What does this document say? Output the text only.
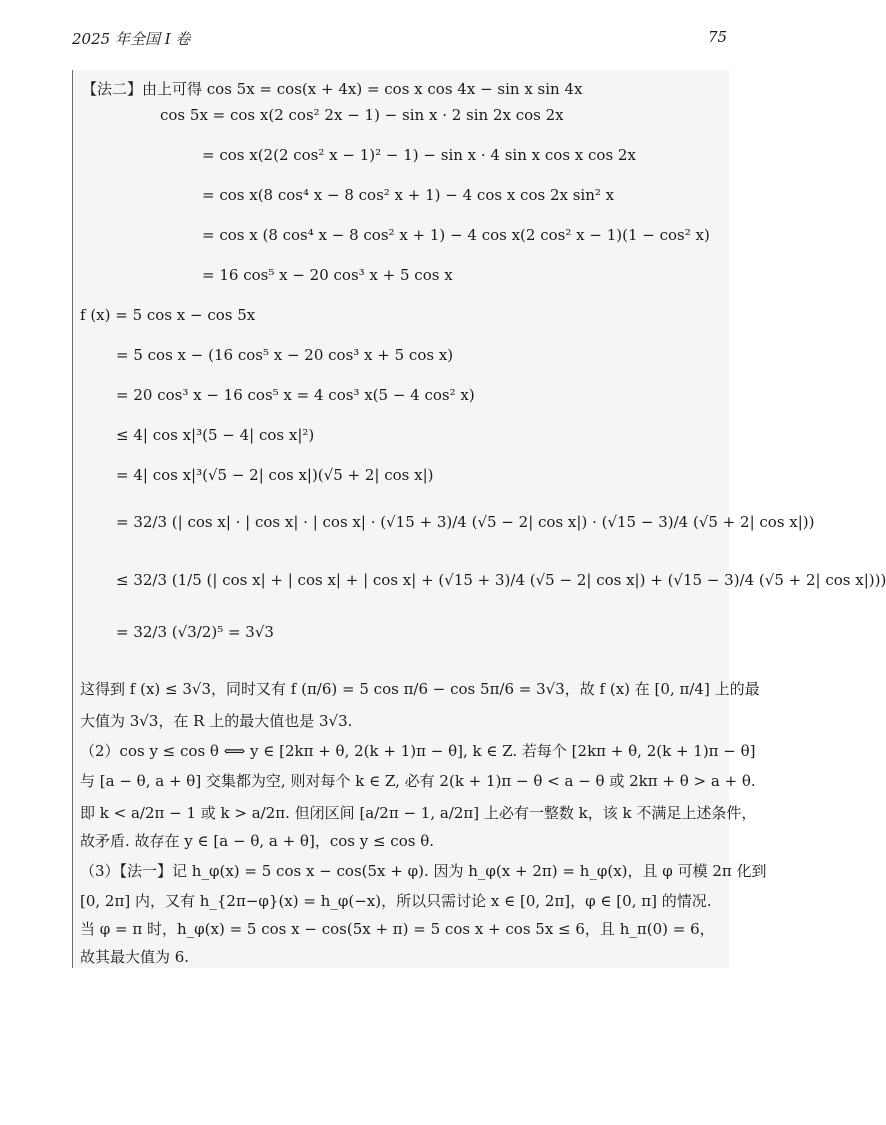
2025 年全国 I 卷	75
【法二】由上可得 cos 5x = cos(x + 4x) = cos x cos 4x − sin x sin 4x
cos 5x = cos x(2 cos² 2x − 1) − sin x · 2 sin 2x cos 2x
= cos x(2(2 cos² x − 1)² − 1) − sin x · 4 sin x cos x cos 2x
= cos x(8 cos⁴ x − 8 cos² x + 1) − 4 cos x cos 2x sin² x
= cos x (8 cos⁴ x − 8 cos² x + 1) − 4 cos x(2 cos² x − 1)(1 − cos² x)
= 16 cos⁵ x − 20 cos³ x + 5 cos x
f (x) = 5 cos x − cos 5x
= 5 cos x − (16 cos⁵ x − 20 cos³ x + 5 cos x)
= 20 cos³ x − 16 cos⁵ x = 4 cos³ x(5 − 4 cos² x)
≤ 4| cos x|³(5 − 4| cos x|²)
= 4| cos x|³(√5 − 2| cos x|)(√5 + 2| cos x|)
= 32/3 (| cos x| · | cos x| · | cos x| · (√15 + 3)/4 (√5 − 2| cos x|) · (√15 − 3)/4 (√5 + 2| cos x|))
≤ 32/3 (1/5 (| cos x| + | cos x| + | cos x| + (√15 + 3)/4 (√5 − 2| cos x|) + (√15 − 3)/4 (√5 + 2| cos x|)))
= 32/3 (√3/2)⁵ = 3√3
这得到 f (x) ≤ 3√3，同时又有 f (π/6) = 5 cos π/6 − cos 5π/6 = 3√3，故 f (x) 在 [0, π/4] 上的最
大值为 3√3，在 R 上的最大值也是 3√3.
（2）cos y ≤ cos θ ⟺ y ∈ [2kπ + θ, 2(k + 1)π − θ], k ∈ Z. 若每个 [2kπ + θ, 2(k + 1)π − θ]
与 [a − θ, a + θ] 交集都为空, 则对每个 k ∈ Z, 必有 2(k + 1)π − θ < a − θ 或 2kπ + θ > a + θ.
即 k < a/2π − 1 或 k > a/2π. 但闭区间 [a/2π − 1, a/2π] 上必有一整数 k，该 k 不满足上述条件，
故矛盾. 故存在 y ∈ [a − θ, a + θ]，cos y ≤ cos θ.
（3）【法一】记 h_φ(x) = 5 cos x − cos(5x + φ). 因为 h_φ(x + 2π) = h_φ(x)，且 φ 可模 2π 化到
[0, 2π] 内，又有 h_{2π−φ}(x) = h_φ(−x)，所以只需讨论 x ∈ [0, 2π]，φ ∈ [0, π] 的情况.
当 φ = π 时，h_φ(x) = 5 cos x − cos(5x + π) = 5 cos x + cos 5x ≤ 6，且 h_π(0) = 6，
故其最大值为 6.
